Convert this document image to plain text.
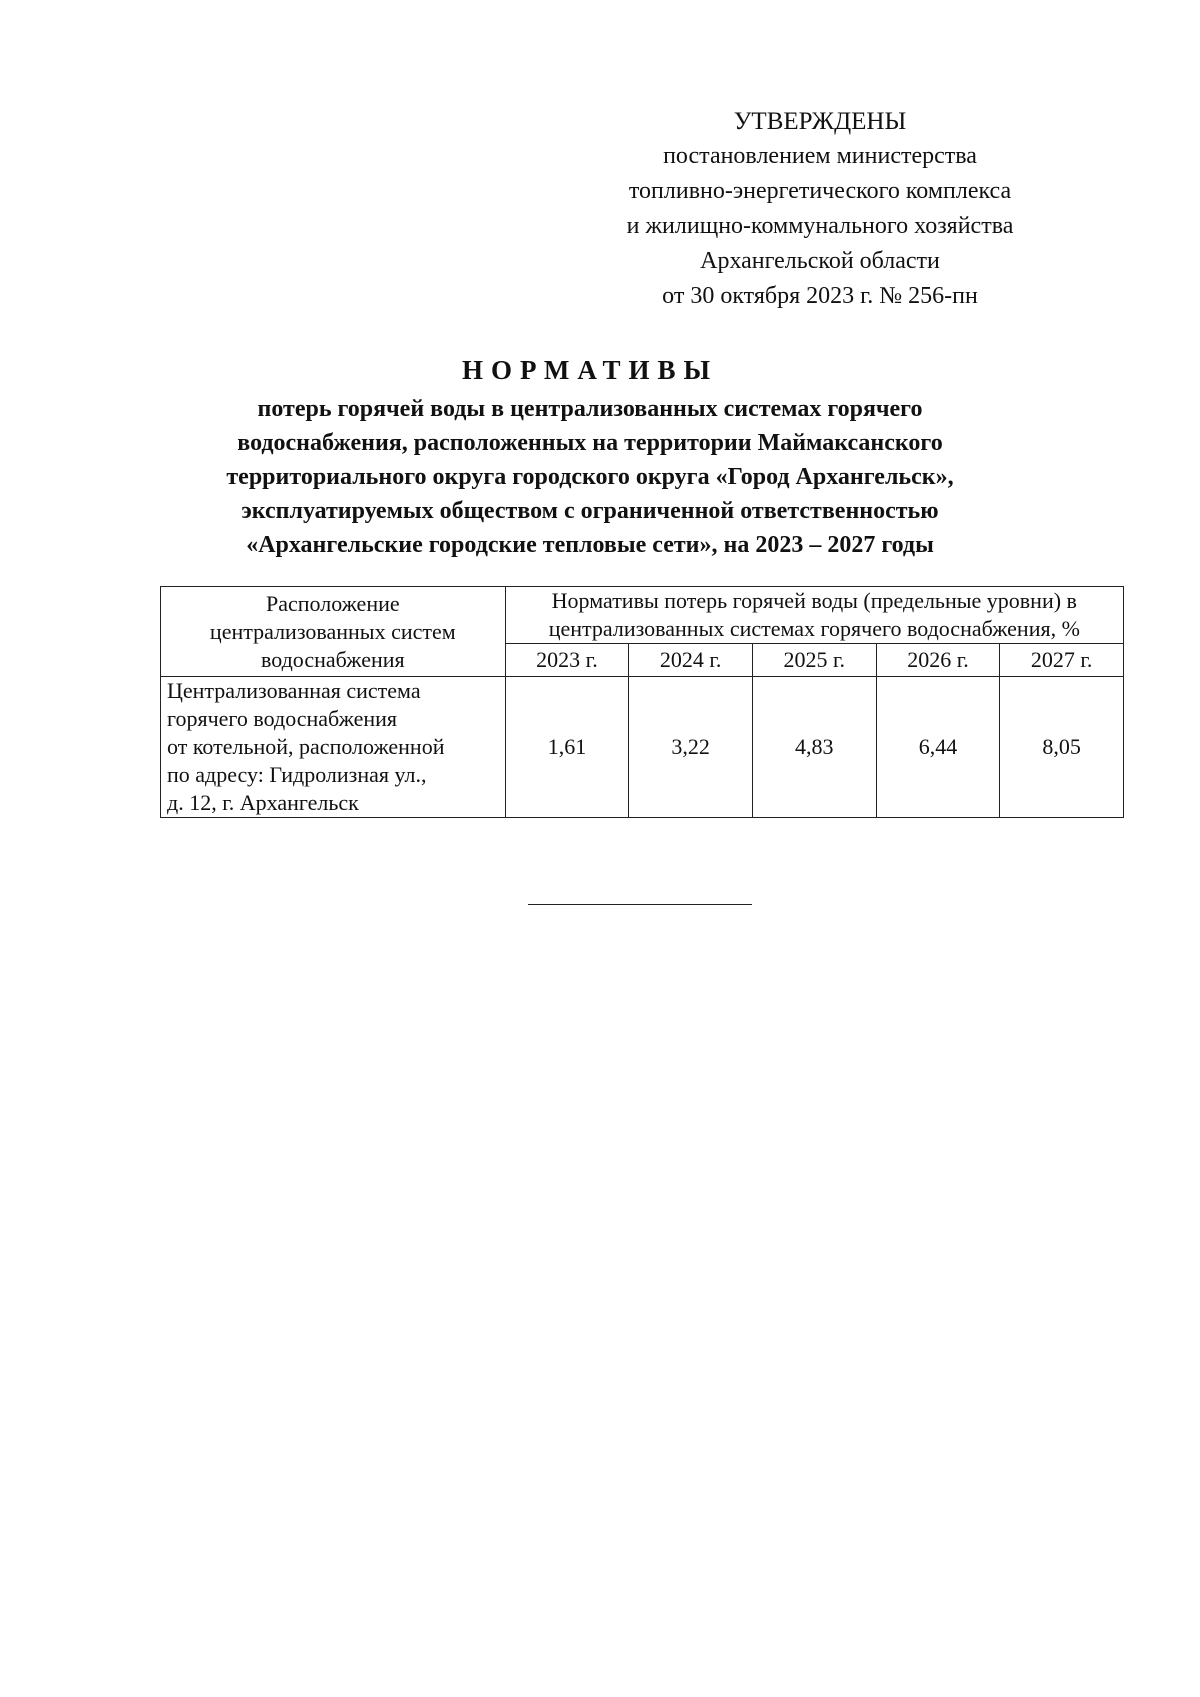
УТВЕРЖДЕНЫ
постановлением министерства
топливно-энергетического комплекса
и жилищно-коммунального хозяйства
Архангельской области
от 30 октября 2023 г. № 256-пн
НОРМАТИВЫ
потерь горячей воды в централизованных системах горячего
водоснабжения, расположенных на территории Маймаксанского
территориального округа городского округа «Город Архангельск»,
эксплуатируемых обществом с ограниченной ответственностью
«Архангельские городские тепловые сети», на 2023 – 2027 годы
Расположение
централизованных систем
водоснабжения	Нормативы потерь горячей воды (предельные уровни) в централизованных системах горячего водоснабжения, %				
	2023 г.	2024 г.	2025 г.	2026 г.	2027 г.

Централизованная система
горячего водоснабжения
от котельной, расположенной
по адресу: Гидролизная ул.,
д. 12, г. Архангельск	1,61	3,22	4,83	6,44	8,05
